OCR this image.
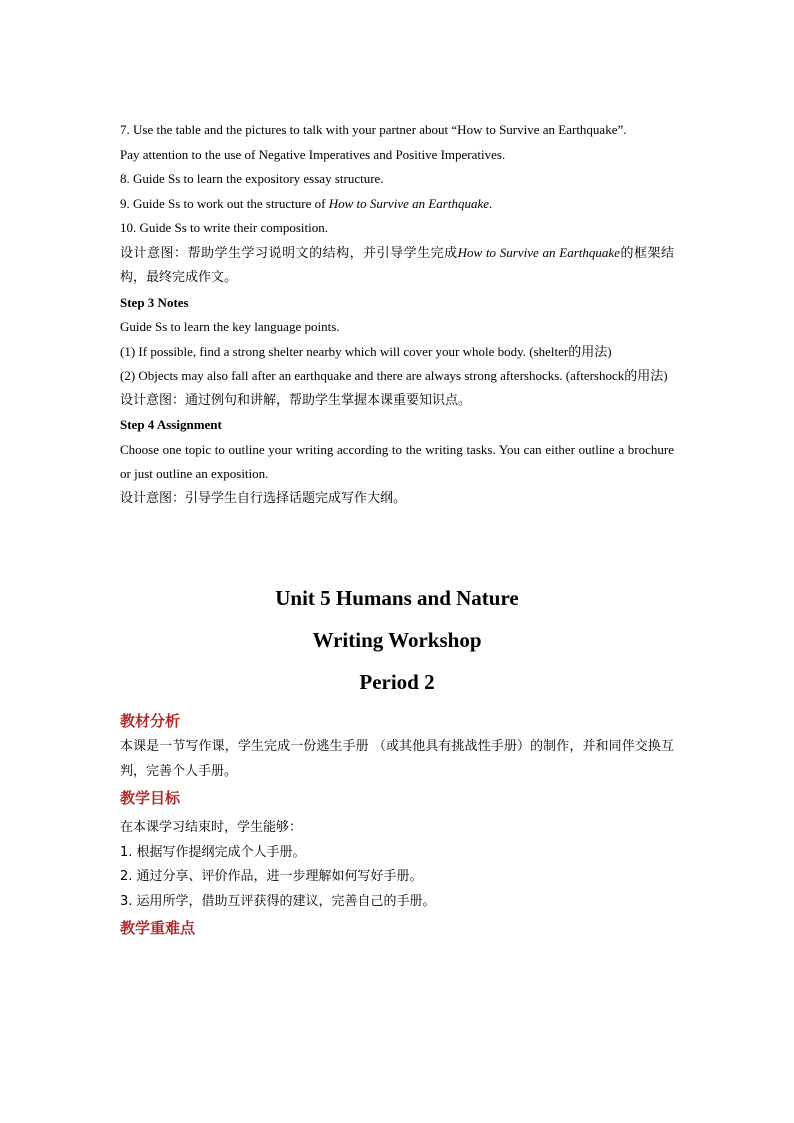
7. Use the table and the pictures to talk with your partner about “How to Survive an Earthquake”.
Pay attention to the use of Negative Imperatives and Positive Imperatives.

8. Guide Ss to learn the expository essay structure.

9. Guide Ss to work out the structure of How to Survive an Earthquake.

10. Guide Ss to write their composition.

设计意图：帮助学生学习说明文的结构，并引导学生完成How to Survive an Earthquake的框架结构，最终完成作文。

Step 3 Notes

Guide Ss to learn the key language points.

(1) If possible, find a strong shelter nearby which will cover your whole body. (shelter的用法)

(2) Objects may also fall after an earthquake and there are always strong aftershocks. (aftershock的用法)

设计意图：通过例句和讲解，帮助学生掌握本课重要知识点。

Step 4 Assignment

Choose one topic to outline your writing according to the writing tasks. You can either outline a brochure or just outline an exposition.

设计意图：引导学生自行选择话题完成写作大纲。

Unit 5 Humans and Nature
Writing Workshop
Period 2

教材分析

本课是一节写作课，学生完成一份逃生手册 （或其他具有挑战性手册）的制作，并和同伴交换互判，完善个人手册。

教学目标

在本课学习结束时，学生能够：

1. 根据写作提纲完成个人手册。

2. 通过分享、评价作品，进一步理解如何写好手册。

3. 运用所学，借助互评获得的建议，完善自己的手册。

教学重难点
